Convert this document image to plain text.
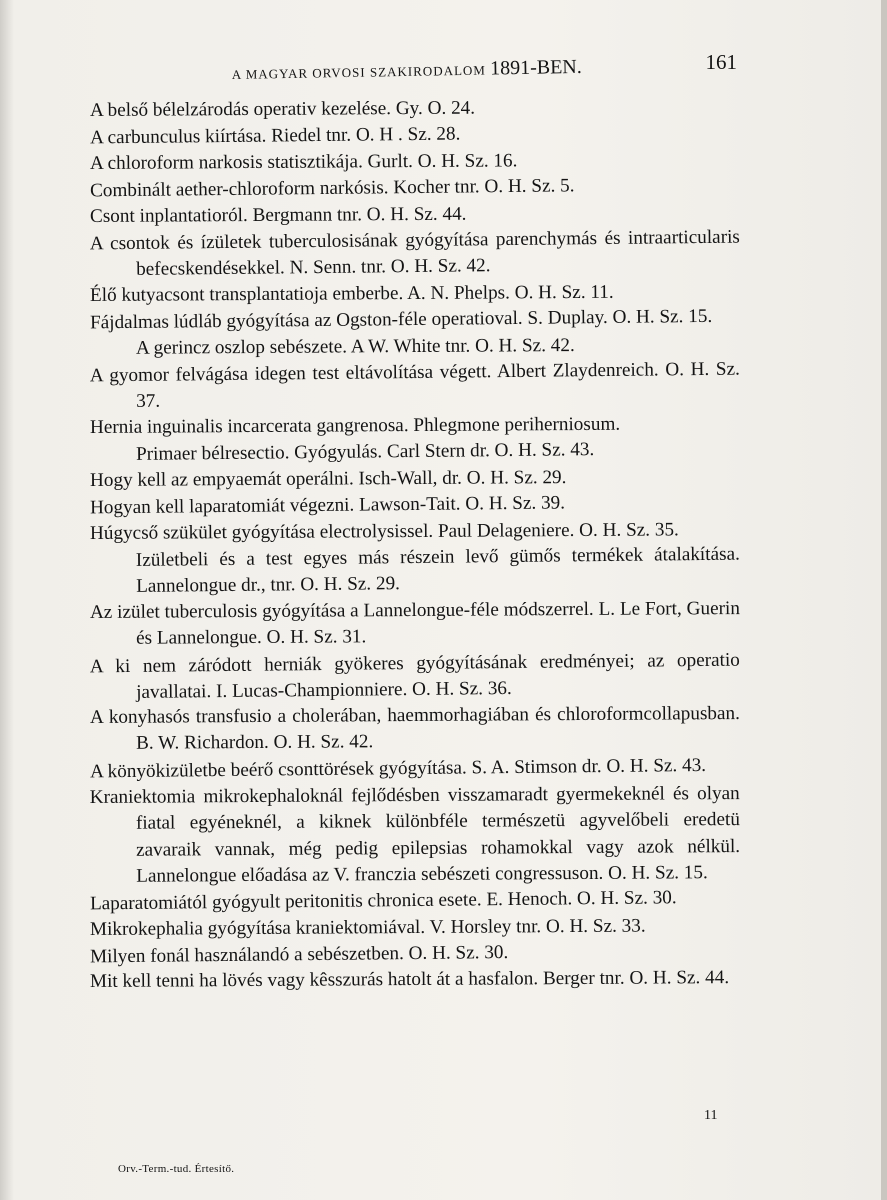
A MAGYAR ORVOSI SZAKIRODALOM 1891-BEN.	161
A belső bélelzárodás operativ kezelése. Gy. O. 24.
A carbunculus kiírtása. Riedel tnr. O. H . Sz. 28.
A chloroform narkosis statisztikája. Gurlt. O. H. Sz. 16.
Combinált aether-chloroform narkósis. Kocher tnr. O. H. Sz. 5.
Csont inplantatioról. Bergmann tnr. O. H. Sz. 44.
A csontok és ízületek tuberculosisának gyógyítása parenchymás és intraarticularis befecskendésekkel. N. Senn. tnr. O. H. Sz. 42.
Élő kutyacsont transplantatioja emberbe. A. N. Phelps. O. H. Sz. 11.
Fájdalmas lúdláb gyógyítása az Ogston-féle operatioval. S. Duplay. O. H. Sz. 15.
A gerincz oszlop sebészete. A W. White tnr. O. H. Sz. 42.
A gyomor felvágása idegen test eltávolítása végett. Albert Zlaydenreich. O. H. Sz. 37.
Hernia inguinalis incarcerata gangrenosa. Phlegmone periherniosum.
Primaer bélresectio. Gyógyulás. Carl Stern dr. O. H. Sz. 43.
Hogy kell az empyaemát operálni. Isch-Wall, dr. O. H. Sz. 29.
Hogyan kell laparatomiát végezni. Lawson-Tait. O. H. Sz. 39.
Húgycső szükület gyógyítása electrolysissel. Paul Delageniere. O. H. Sz. 35.
Izületbeli és a test egyes más részein levő gümős termékek átalakítása. Lannelongue dr., tnr. O. H. Sz. 29.
Az izület tuberculosis gyógyítása a Lannelongue-féle módszerrel. L. Le Fort, Guerin és Lannelongue. O. H. Sz. 31.
A ki nem záródott herniák gyökeres gyógyításának eredményei; az operatio javallatai. I. Lucas-Championniere. O. H. Sz. 36.
A konyhasós transfusio a cholerában, haemmorhagiában és chloroformcollapusban. B. W. Richardon. O. H. Sz. 42.
A könyökizületbe beérő csonttörések gyógyítása. S. A. Stimson dr. O. H. Sz. 43.
Kraniektomia mikrokephaloknál fejlődésben visszamaradt gyermekeknél és olyan fiatal egyéneknél, a kiknek különbféle természetü agyvelőbeli eredetü zavaraik vannak, még pedig epilepsias rohamokkal vagy azok nélkül. Lannelongue előadása az V. franczia sebészeti congressuson. O. H. Sz. 15.
Laparatomiától gyógyult peritonitis chronica esete. E. Henoch. O. H. Sz. 30.
Mikrokephalia gyógyítása kraniektomiával. V. Horsley tnr. O. H. Sz. 33.
Milyen fonál használandó a sebészetben. O. H. Sz. 30.
Mit kell tenni ha lövés vagy kêsszurás hatolt át a hasfalon. Berger tnr. O. H. Sz. 44.
11
Orv.-Term.-tud. Értesítő.
